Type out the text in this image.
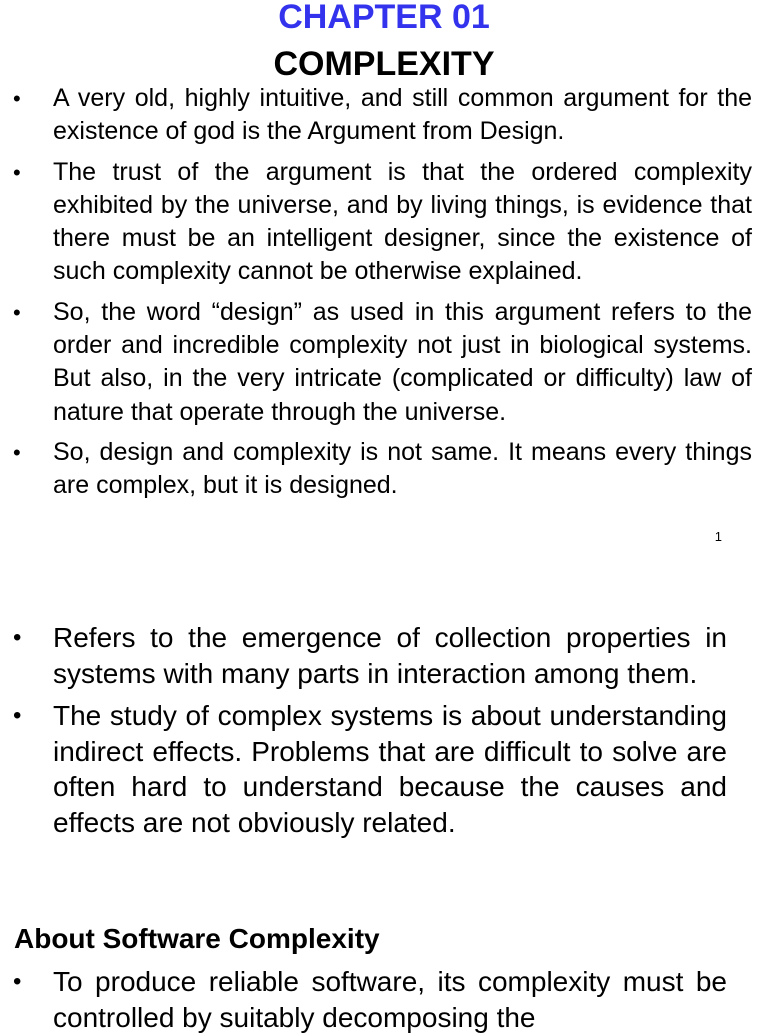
CHAPTER 01
COMPLEXITY
• A very old, highly intuitive, and still common argument for the existence of god is the Argument from Design.
• The trust of the argument is that the ordered complexity exhibited by the universe, and by living things, is evidence that there must be an intelligent designer, since the existence of such complexity cannot be otherwise explained.
• So, the word “design” as used in this argument refers to the order and incredible complexity not just in biological systems. But also, in the very intricate (complicated or difficulty) law of nature that operate through the universe.
• So, design and complexity is not same. It means every things are complex, but it is designed.
1
• Refers to the emergence of collection properties in systems with many parts in interaction among them.
• The study of complex systems is about understanding indirect effects. Problems that are difficult to solve are often hard to understand because the causes and effects are not obviously related.
About Software Complexity
• To produce reliable software, its complexity must be controlled by suitably decomposing the
